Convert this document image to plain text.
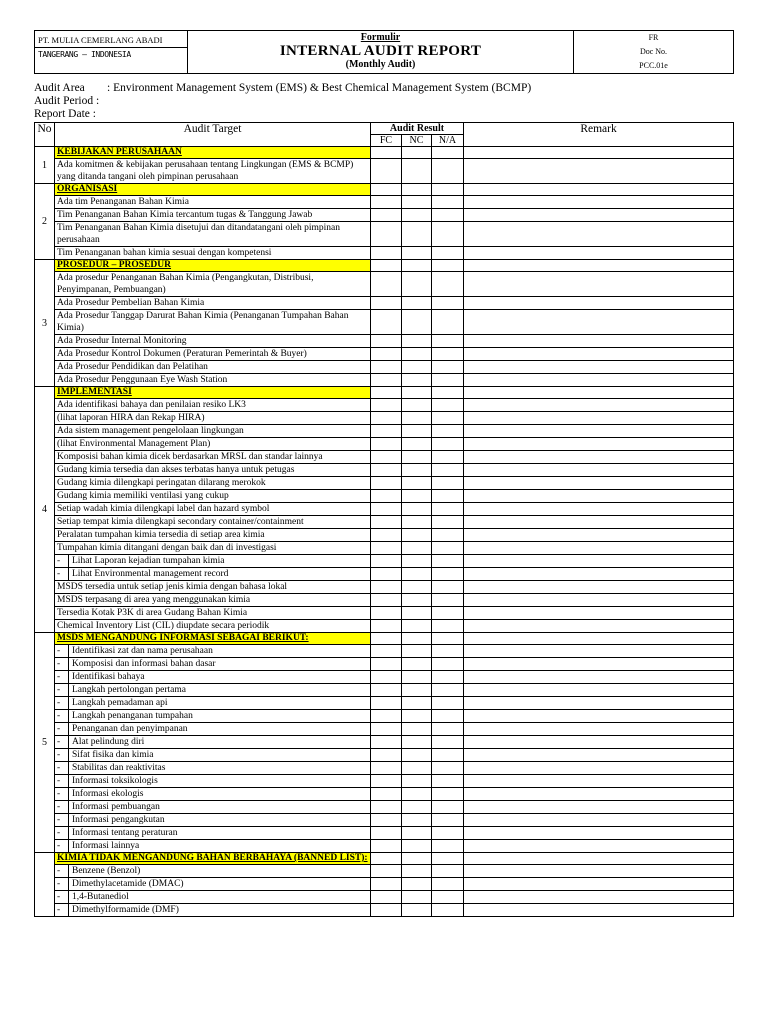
PT. MULIA CEMERLANG ABADI
TANGERANG – INDONESIA
Formulir
INTERNAL AUDIT REPORT
(Monthly Audit)
FR
Doc No.
PCC.01e
Audit Area	: Environment Management System (EMS) & Best Chemical Management System (BCMP)
Audit Period :
Report Date :
No	Audit Target	Audit Result			Remark
		FC	NC	N/A	
1	KEBIJAKAN PERUSAHAAN				
	Ada komitmen & kebijakan perusahaan tentang Lingkungan (EMS & BCMP) yang ditanda tangani oleh pimpinan perusahaan				
2	ORGANISASI				
	Ada tim Penanganan Bahan Kimia				
	Tim Penanganan Bahan Kimia tercantum tugas & Tanggung Jawab				
	Tim Penanganan Bahan Kimia disetujui dan ditandatangani oleh pimpinan perusahaan				
	Tim Penanganan bahan kimia sesuai dengan kompetensi				
3	PROSEDUR – PROSEDUR				
	Ada prosedur Penanganan Bahan Kimia (Pengangkutan, Distribusi, Penyimpanan, Pembuangan)				
	Ada Prosedur Pembelian Bahan Kimia				
	Ada Prosedur Tanggap Darurat Bahan Kimia (Penanganan Tumpahan Bahan Kimia)				
	Ada Prosedur Internal Monitoring				
	Ada Prosedur Kontrol Dokumen (Peraturan Pemerintah & Buyer)				
	Ada Prosedur Pendidikan dan Pelatihan				
	Ada Prosedur Penggunaan Eye Wash Station				
4	IMPLEMENTASI				
	Ada identifikasi bahaya dan penilaian resiko LK3				
	(lihat laporan HIRA dan Rekap HIRA)				
	Ada sistem management pengelolaan lingkungan				
	(lihat Environmental Management Plan)				
	Komposisi bahan kimia dicek berdasarkan MRSL dan standar lainnya				
	Gudang kimia tersedia dan akses terbatas hanya untuk petugas				
	Gudang kimia dilengkapi peringatan dilarang merokok				
	Gudang kimia memiliki ventilasi yang cukup				
	Setiap wadah kimia dilengkapi label dan hazard symbol				
	Setiap tempat kimia dilengkapi secondary container/containment				
	Peralatan tumpahan kimia tersedia di setiap area kimia				
	Tumpahan kimia ditangani dengan baik dan di investigasi				
	- Lihat Laporan kejadian tumpahan kimia				
	- Lihat Environmental management record				
	MSDS tersedia untuk setiap jenis kimia dengan bahasa lokal				
	MSDS terpasang di area yang menggunakan kimia				
	Tersedia Kotak P3K di area Gudang Bahan Kimia				
	Chemical Inventory List (CIL) diupdate secara periodik				
5	MSDS MENGANDUNG INFORMASI SEBAGAI BERIKUT:				
	- Identifikasi zat dan nama perusahaan				
	- Komposisi dan informasi bahan dasar				
	- Identifikasi bahaya				
	- Langkah pertolongan pertama				
	- Langkah pemadaman api				
	- Langkah penanganan tumpahan				
	- Penanganan dan penyimpanan				
	- Alat pelindung diri				
	- Sifat fisika dan kimia				
	- Stabilitas dan reaktivitas				
	- Informasi toksikologis				
	- Informasi ekologis				
	- Informasi pembuangan				
	- Informasi pengangkutan				
	- Informasi tentang peraturan				
	- Informasi lainnya				
	KIMIA TIDAK MENGANDUNG BAHAN BERBAHAYA (BANNED LIST):				
	- Benzene (Benzol)				
	- Dimethylacetamide (DMAC)				
	- 1,4-Butanediol				
	- Dimethylformamide (DMF)				
